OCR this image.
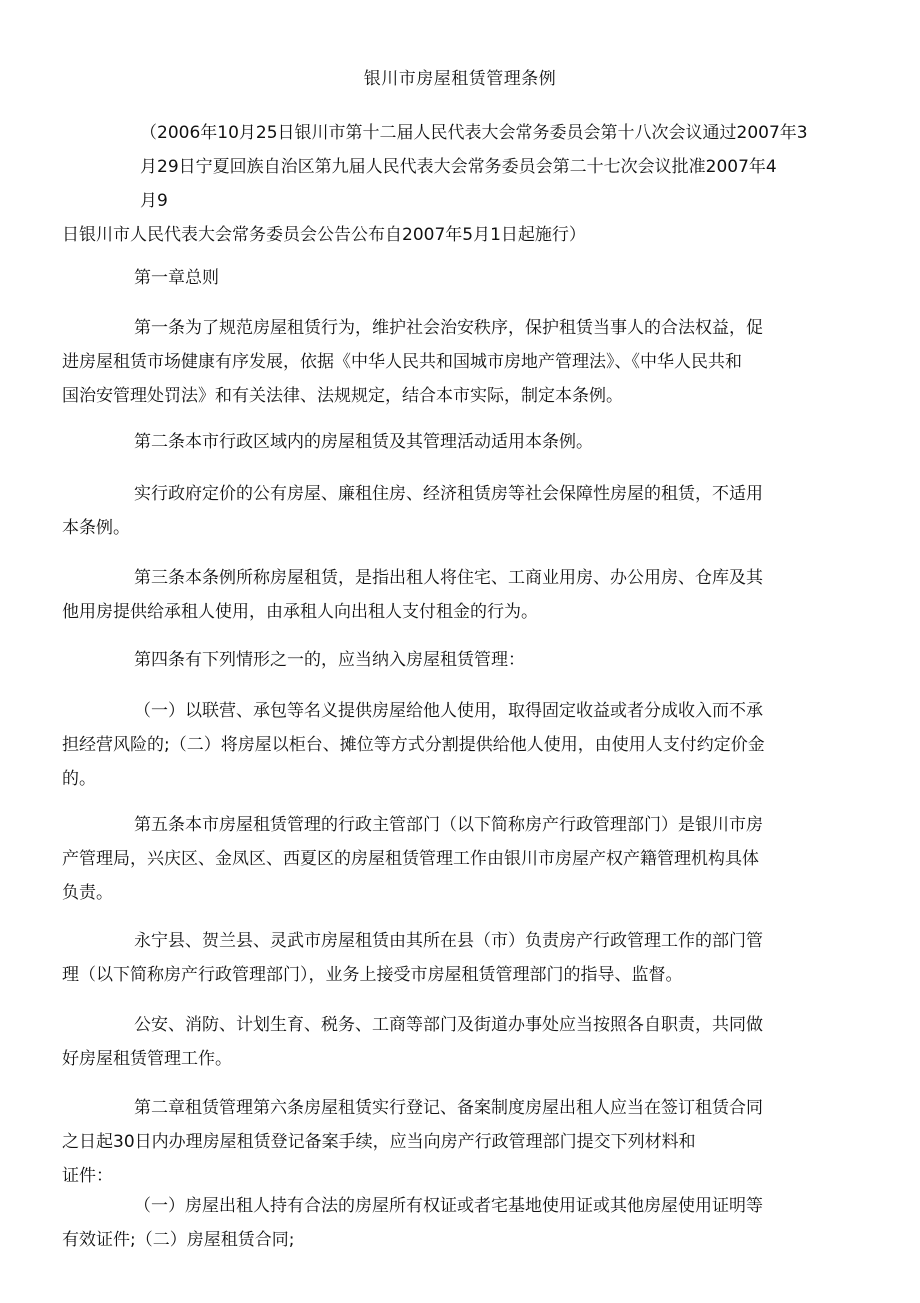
银川市房屋租赁管理条例

（2006年10月25日银川市第十二届人民代表大会常务委员会第十八次会议通过2007年3
月29日宁夏回族自治区第九届人民代表大会常务委员会第二十七次会议批准2007年4
月9
日银川市人民代表大会常务委员会公告公布自2007年5月1日起施行）

第一章总则

第一条为了规范房屋租赁行为，维护社会治安秩序，保护租赁当事人的合法权益，促
进房屋租赁市场健康有序发展，依据《中华人民共和国城市房地产管理法》、《中华人民共和
国治安管理处罚法》和有关法律、法规规定，结合本市实际，制定本条例。

第二条本市行政区域内的房屋租赁及其管理活动适用本条例。

实行政府定价的公有房屋、廉租住房、经济租赁房等社会保障性房屋的租赁，不适用
本条例。

第三条本条例所称房屋租赁，是指出租人将住宅、工商业用房、办公用房、仓库及其
他用房提供给承租人使用，由承租人向出租人支付租金的行为。

第四条有下列情形之一的，应当纳入房屋租赁管理：

（一）以联营、承包等名义提供房屋给他人使用，取得固定收益或者分成收入而不承
担经营风险的;（二）将房屋以柜台、摊位等方式分割提供给他人使用，由使用人支付约定价金
的。

第五条本市房屋租赁管理的行政主管部门（以下简称房产行政管理部门）是银川市房
产管理局，兴庆区、金凤区、西夏区的房屋租赁管理工作由银川市房屋产权产籍管理机构具体
负责。

永宁县、贺兰县、灵武市房屋租赁由其所在县（市）负责房产行政管理工作的部门管
理（以下简称房产行政管理部门），业务上接受市房屋租赁管理部门的指导、监督。

公安、消防、计划生育、税务、工商等部门及街道办事处应当按照各自职责，共同做
好房屋租赁管理工作。

第二章租赁管理第六条房屋租赁实行登记、备案制度房屋出租人应当在签订租赁合同
之日起30日内办理房屋租赁登记备案手续，应当向房产行政管理部门提交下列材料和
证件：

（一）房屋出租人持有合法的房屋所有权证或者宅基地使用证或其他房屋使用证明等
有效证件;（二）房屋租赁合同;
